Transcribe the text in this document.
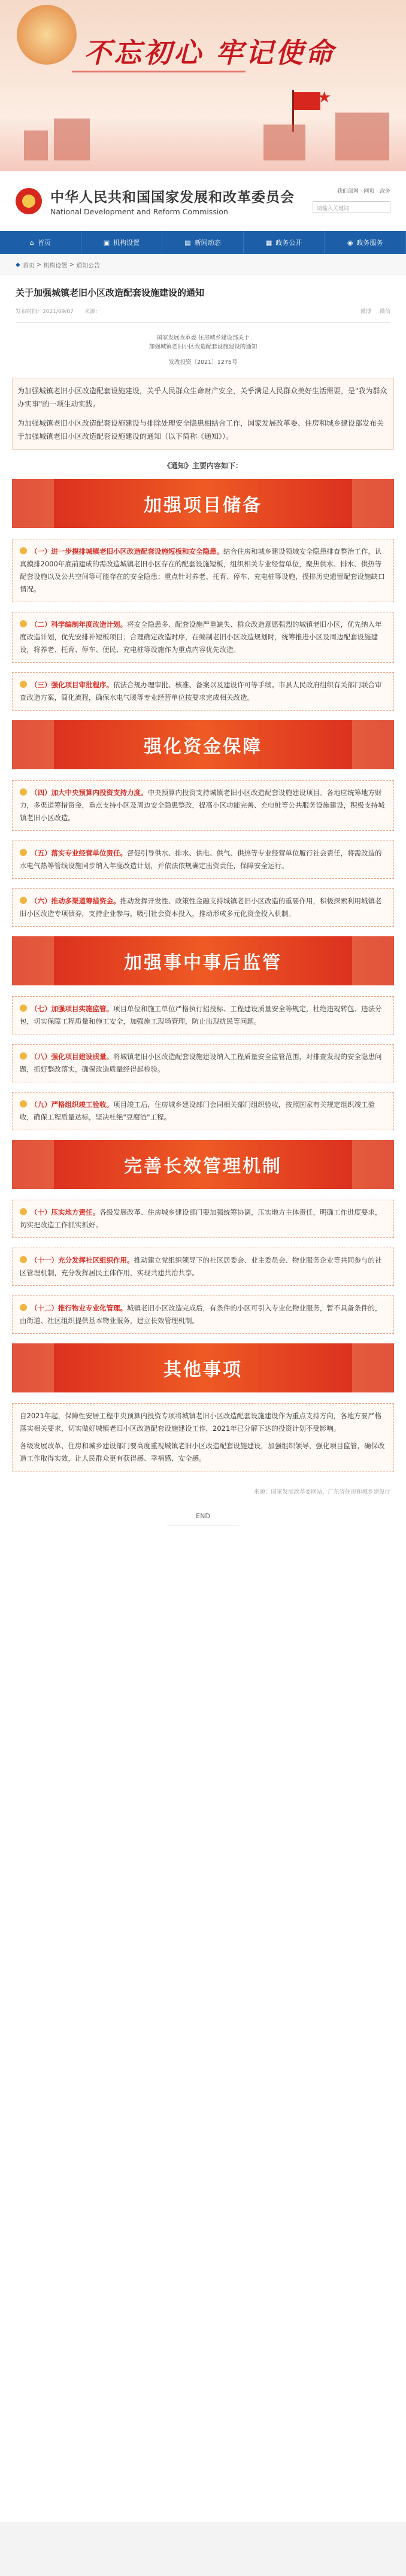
不忘初心 牢记使命
★
★	中华人民共和国国家发展和改革委员会
National Development and Reform Commission
我们部网 · 网页 · 政务
请输入关键词
⌂ 首页	▣ 机构设置	▤ 新闻动态	▦ 政务公开	◉ 政务服务
◆ 首页 > 机构设置 > 通知公告
关于加强城镇老旧小区改造配套设施建设的通知
发布时间：2021/09/07 来源：	微博 微信
国家发展改革委 住房城乡建设部关于
加强城镇老旧小区改造配套设施建设的通知
发改投资〔2021〕1275号

为加强城镇老旧小区改造配套设施建设，关乎人民群众生命财产安全，关乎满足人民群众美好生活需要，是"我为群众办实事"的一项生动实践。

为加强城镇老旧小区改造配套设施建设与排除处理安全隐患相结合工作，国家发展改革委、住房和城乡建设部发布关于加强城镇老旧小区改造配套设施建设的通知（以下简称《通知》）。

《通知》主要内容如下：
加强项目储备
（一）进一步摸排城镇老旧小区改造配套设施短板和安全隐患。结合住房和城乡建设领域安全隐患排查整治工作，认真摸排2000年底前建成的需改造城镇老旧小区存在的配套设施短板，组织相关专业经营单位，聚焦供水、排水、供热等配套设施以及公共空间等可能存在的安全隐患；重点针对养老、托育、停车、充电桩等设施，摸排历史遗留配套设施缺口情况。
（二）科学编制年度改造计划。将安全隐患多、配套设施严重缺失、群众改造意愿强烈的城镇老旧小区，优先纳入年度改造计划，优先安排补短板项目；合理确定改造时序，在编制老旧小区改造规划时，统筹推进小区及周边配套设施建设，将养老、托育、停车、便民、充电桩等设施作为重点内容优先改造。
（三）强化项目审批程序。依法合规办理审批、核准、备案以及建设许可等手续。市县人民政府组织有关部门联合审查改造方案，简化流程，确保水电气暖等专业经营单位按要求完成相关改造。
强化资金保障
（四）加大中央预算内投资支持力度。中央预算内投资支持城镇老旧小区改造配套设施建设项目。各地应统筹地方财力，多渠道筹措资金，重点支持小区及周边安全隐患整改，提高小区功能完善、充电桩等公共服务设施建设，积极支持城镇老旧小区改造。
（五）落实专业经营单位责任。督促引导供水、排水、供电、供气、供热等专业经营单位履行社会责任，将需改造的水电气热等管线设施同步纳入年度改造计划，并依法依规确定出资责任，保障安全运行。
（六）推动多渠道筹措资金。推动发挥开发性、政策性金融支持城镇老旧小区改造的重要作用，积极探索利用城镇老旧小区改造专项债券，支持企业参与，吸引社会资本投入，推动形成多元化资金投入机制。
加强事中事后监管
（七）加强项目实施监管。项目单位和施工单位严格执行招投标、工程建设质量安全等规定，杜绝违规转包、违法分包，切实保障工程质量和施工安全，加强施工现场管理，防止出现扰民等问题。
（八）强化项目建设质量。将城镇老旧小区改造配套设施建设纳入工程质量安全监管范围，对排查发现的安全隐患问题，抓好整改落实，确保改造质量经得起检验。
（九）严格组织竣工验收。项目竣工后，住房城乡建设部门会同相关部门组织验收，按照国家有关规定组织竣工验收，确保工程质量达标，坚决杜绝"豆腐渣"工程。
完善长效管理机制
（十）压实地方责任。各级发展改革、住房城乡建设部门要加强统筹协调，压实地方主体责任，明确工作进度要求，切实把改造工作抓实抓好。
（十一）充分发挥社区组织作用。推动建立党组织领导下的社区居委会、业主委员会、物业服务企业等共同参与的社区管理机制，充分发挥居民主体作用，实现共建共治共享。
（十二）推行物业专业化管理。城镇老旧小区改造完成后，有条件的小区可引入专业化物业服务，暂不具备条件的，由街道、社区组织提供基本物业服务，建立长效管理机制。
其他事项

自2021年起，保障性安居工程中央预算内投资专项将城镇老旧小区改造配套设施建设作为重点支持方向，各地方要严格落实相关要求，切实做好城镇老旧小区改造配套设施建设工作，2021年已分解下达的投资计划不受影响。

各级发展改革、住房和城乡建设部门要高度重视城镇老旧小区改造配套设施建设，加强组织领导，强化项目监管，确保改造工作取得实效，让人民群众更有获得感、幸福感、安全感。

来源：国家发展改革委网站、广东省住房和城乡建设厅
END
